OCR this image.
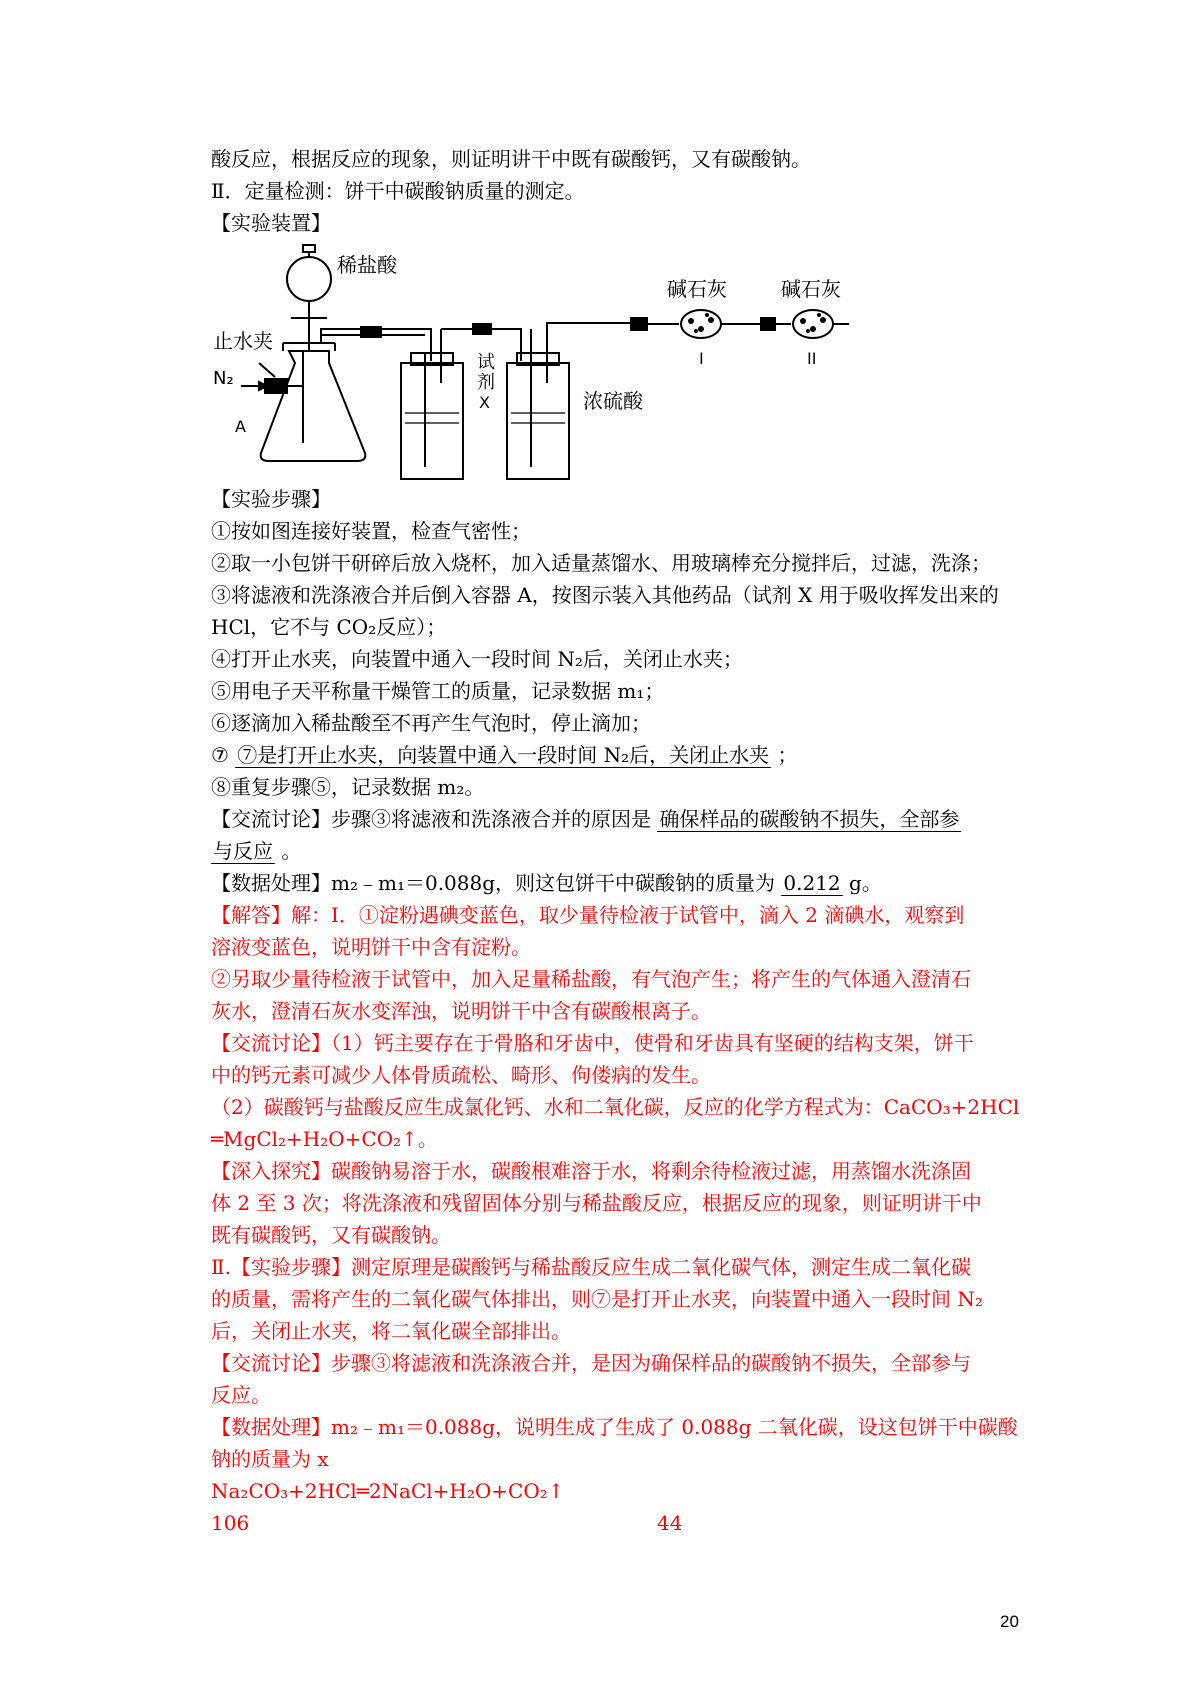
酸反应，根据反应的现象，则证明讲干中既有碳酸钙，又有碳酸钠。
Ⅱ．定量检测：饼干中碳酸钠质量的测定。
【实验装置】
稀盐酸
止水夹
N₂
A
试
剂
X	浓硫酸
碱石灰	碱石灰
I	II
【实验步骤】
①按如图连接好装置，检查气密性；
②取一小包饼干研碎后放入烧杯，加入适量蒸馏水、用玻璃棒充分搅拌后，过滤，洗涤；
③将滤液和洗涤液合并后倒入容器 A，按图示装入其他药品（试剂 X 用于吸收挥发出来的
HCl，它不与 CO₂反应）；
④打开止水夹，向装置中通入一段时间 N₂后，关闭止水夹；
⑤用电子天平称量干燥管工的质量，记录数据 m₁；
⑥逐滴加入稀盐酸至不再产生气泡时，停止滴加；
⑦ ⑦是打开止水夹，向装置中通入一段时间 N₂后，关闭止水夹 ；
⑧重复步骤⑤，记录数据 m₂。
【交流讨论】步骤③将滤液和洗涤液合并的原因是 确保样品的碳酸钠不损失，全部参
与反应 。
【数据处理】m₂﹣m₁＝0.088g，则这包饼干中碳酸钠的质量为 0.212 g。
【解答】解：Ⅰ．①淀粉遇碘变蓝色，取少量待检液于试管中，滴入 2 滴碘水，观察到
溶液变蓝色，说明饼干中含有淀粉。
②另取少量待检液于试管中，加入足量稀盐酸，有气泡产生；将产生的气体通入澄清石
灰水，澄清石灰水变浑浊，说明饼干中含有碳酸根离子。
【交流讨论】（1）钙主要存在于骨胳和牙齿中，使骨和牙齿具有坚硬的结构支架，饼干
中的钙元素可减少人体骨质疏松、畸形、佝偻病的发生。
（2）碳酸钙与盐酸反应生成氯化钙、水和二氧化碳，反应的化学方程式为：CaCO₃+2HCl
═MgCl₂+H₂O+CO₂↑。
【深入探究】碳酸钠易溶于水，碳酸根难溶于水，将剩余待检液过滤，用蒸馏水洗涤固
体 2 至 3 次；将洗涤液和残留固体分别与稀盐酸反应，根据反应的现象，则证明讲干中
既有碳酸钙，又有碳酸钠。
Ⅱ.【实验步骤】测定原理是碳酸钙与稀盐酸反应生成二氧化碳气体，测定生成二氧化碳
的质量，需将产生的二氧化碳气体排出，则⑦是打开止水夹，向装置中通入一段时间 N₂
后，关闭止水夹，将二氧化碳全部排出。
【交流讨论】步骤③将滤液和洗涤液合并，是因为确保样品的碳酸钠不损失，全部参与
反应。
【数据处理】m₂﹣m₁＝0.088g，说明生成了生成了 0.088g 二氧化碳，设这包饼干中碳酸
钠的质量为 x
Na₂CO₃+2HCl═2NaCl+H₂O+CO₂↑
106	44
20
